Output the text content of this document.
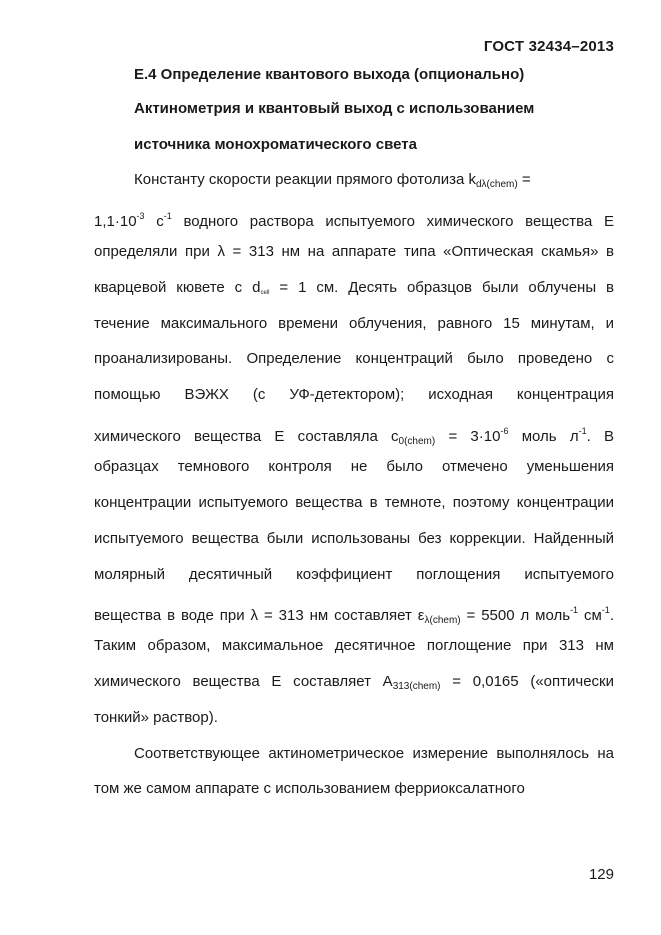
ГОСТ 32434–2013
Е.4 Определение квантового выхода (опционально)
Актинометрия и квантовый выход с использованием
источника монохроматического света
Константу скорости реакции прямого фотолиза $k_{d\lambda(chem)}$ =
$1,1\cdot 10^{-3}$ $с^{-1}$ водного раствора испытуемого химического вещества Е
определяли при λ = 313 нм на аппарате типа «Оптическая скамья» в
кварцевой кювете с dcell = 1 см. Десять образцов были облучены в
течение максимального времени облучения, равного 15 минутам, и
проанализированы. Определение концентраций было проведено с
помощью ВЭЖХ (с УФ-детектором); исходная концентрация
химического вещества Е составляла $c_{0(chem)} = 3\cdot 10^{-6}$ моль $л^{-1}$. В
образцах темнового контроля не было отмечено уменьшения
концентрации испытуемого вещества в темноте, поэтому концентрации
испытуемого вещества были использованы без коррекции. Найденный
молярный десятичный коэффициент поглощения испытуемого
вещества в воде при λ = 313 нм составляет $\varepsilon_{\lambda(chem)} = 5500$ л моль$^{-1}$ $см^{-1}$.
Таким образом, максимальное десятичное поглощение при 313 нм
химического вещества Е составляет $A_{313(chem)} = 0,0165$ («оптически
тонкий» раствор).
Соответствующее актинометрическое измерение выполнялось на
том же самом аппарате с использованием ферриоксалатного
129
